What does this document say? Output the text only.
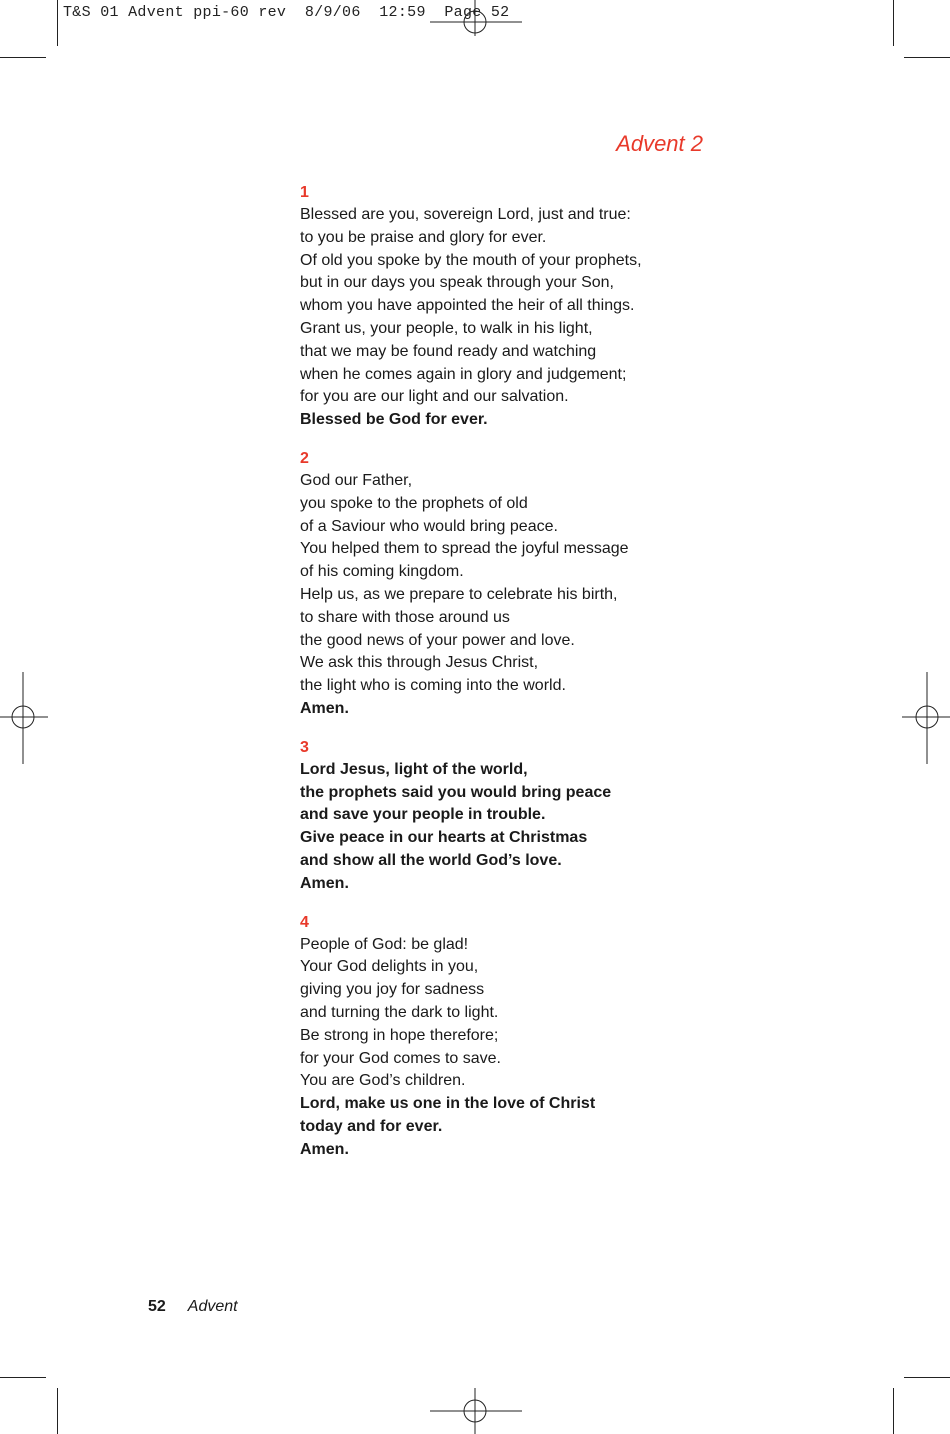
T&S 01 Advent ppi-60 rev  8/9/06  12:59  Page 52
Advent 2
1
Blessed are you, sovereign Lord, just and true:
to you be praise and glory for ever.
Of old you spoke by the mouth of your prophets,
but in our days you speak through your Son,
whom you have appointed the heir of all things.
Grant us, your people, to walk in his light,
that we may be found ready and watching
when he comes again in glory and judgement;
for you are our light and our salvation.
Blessed be God for ever.
2
God our Father,
you spoke to the prophets of old
of a Saviour who would bring peace.
You helped them to spread the joyful message
of his coming kingdom.
Help us, as we prepare to celebrate his birth,
to share with those around us
the good news of your power and love.
We ask this through Jesus Christ,
the light who is coming into the world.
Amen.
3
Lord Jesus, light of the world,
the prophets said you would bring peace
and save your people in trouble.
Give peace in our hearts at Christmas
and show all the world God’s love.
Amen.
4
People of God: be glad!
Your God delights in you,
giving you joy for sadness
and turning the dark to light.
Be strong in hope therefore;
for your God comes to save.
You are God’s children.
Lord, make us one in the love of Christ
today and for ever.
Amen.
52 Advent
